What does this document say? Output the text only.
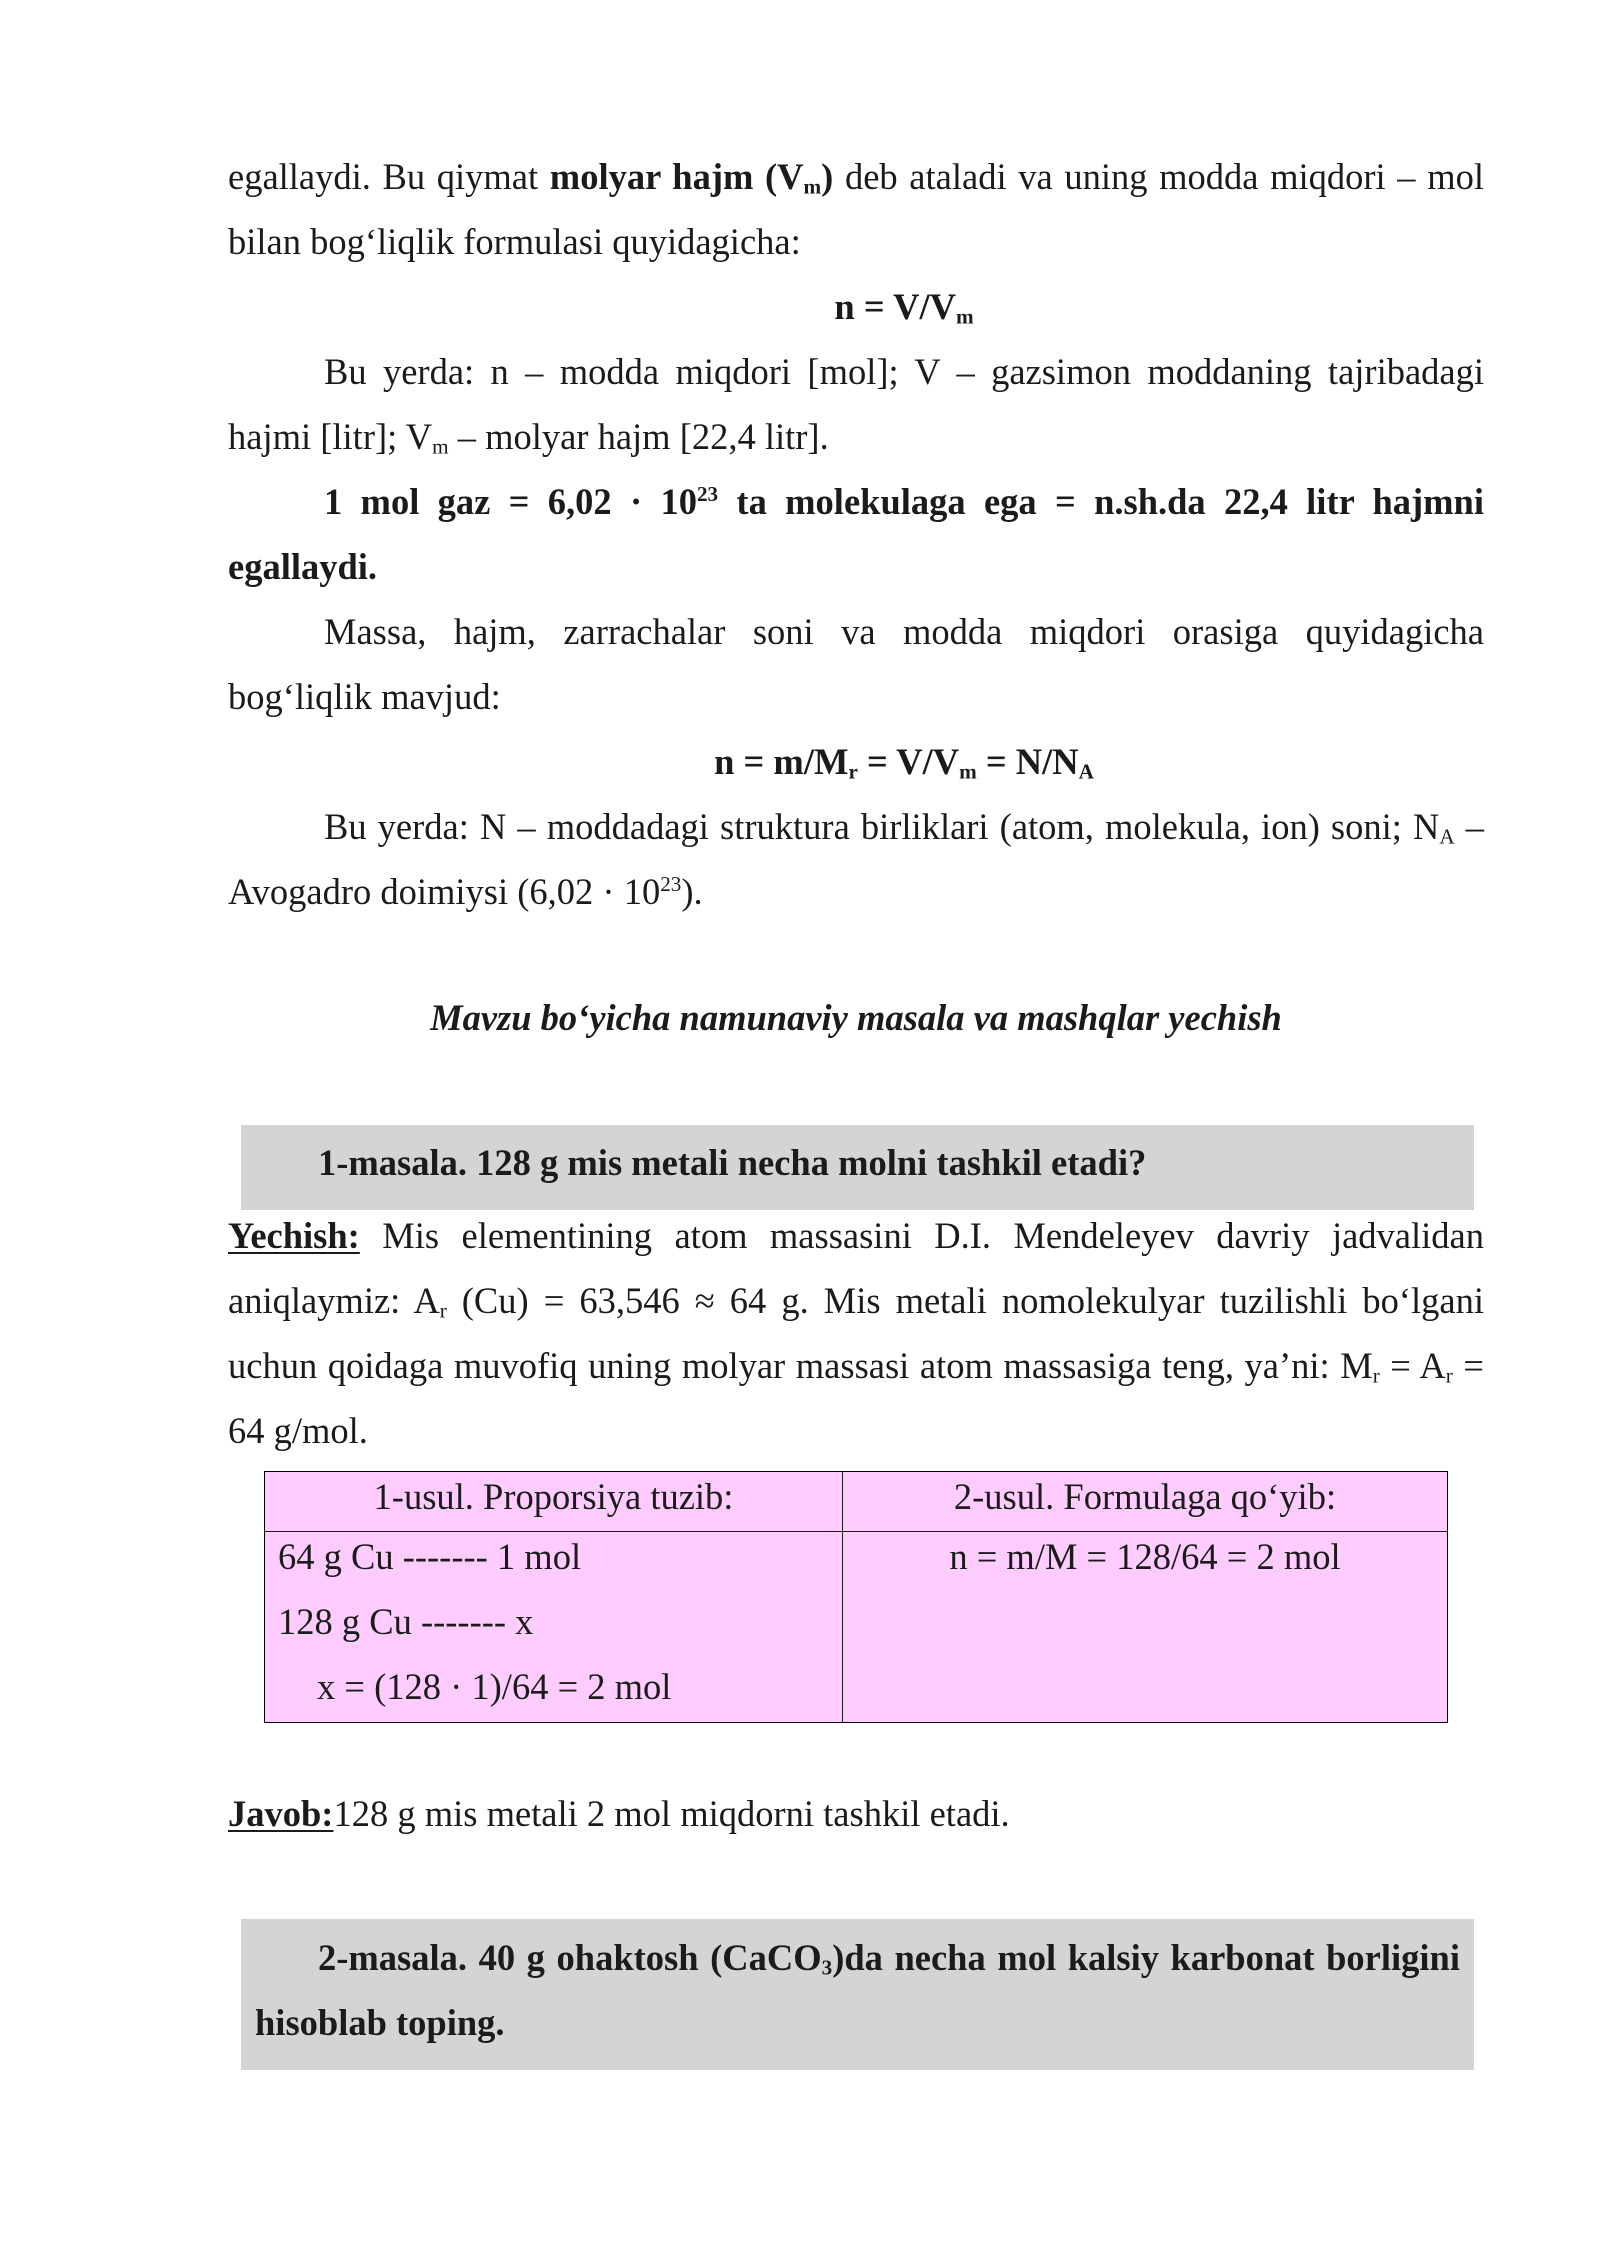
egallaydi. Bu qiymat molyar hajm $(V_m)$ deb ataladi va uning modda miqdori – mol
bilan bog‘liqlik formulasi quyidagicha:
$n = V/V_m$
Bu yerda: n – modda miqdori [mol]; V – gazsimon moddaning tajribadagi
hajmi [litr]; $V_m$ – molyar hajm [22,4 litr].
1 mol gaz = $6,02 \cdot 10^{23}$ ta molekulaga ega = n.sh.da 22,4 litr hajmni
egallaydi.
Massa, hajm, zarrachalar soni va modda miqdori orasiga quyidagicha
bog‘liqlik mavjud:
$n = m/M_r = V/V_m = N/N_A$
Bu yerda: N – moddadagi struktura birliklari (atom, molekula, ion) soni; $N_A$ –
Avogadro doimiysi $(6,02 \cdot 10^{23})$.
Mavzu bo‘yicha namunaviy masala va mashqlar yechish
1-masala. 128 g mis metali necha molni tashkil etadi?
Yechish: Mis elementining atom massasini D.I. Mendeleyev davriy jadvalidan
aniqlaymiz: $A_r$ (Cu) = 63,546 ≈ 64 g. Mis metali nomolekulyar tuzilishli bo‘lgani
uchun qoidaga muvofiq uning molyar massasi atom massasiga teng, ya’ni: $M_r = A_r$ =
64 g/mol.
1-usul. Proporsiya tuzib:	2-usul. Formulaga qo‘yib:
64 g Cu ------- 1 mol
128 g Cu ------- x
x = (128 · 1)/64 = 2 mol
n = m/M = 128/64 = 2 mol
Javob:128 g mis metali 2 mol miqdorni tashkil etadi.
2-masala. 40 g ohaktosh (CaCO$_3$)da necha mol kalsiy karbonat borligini
hisoblab toping.
